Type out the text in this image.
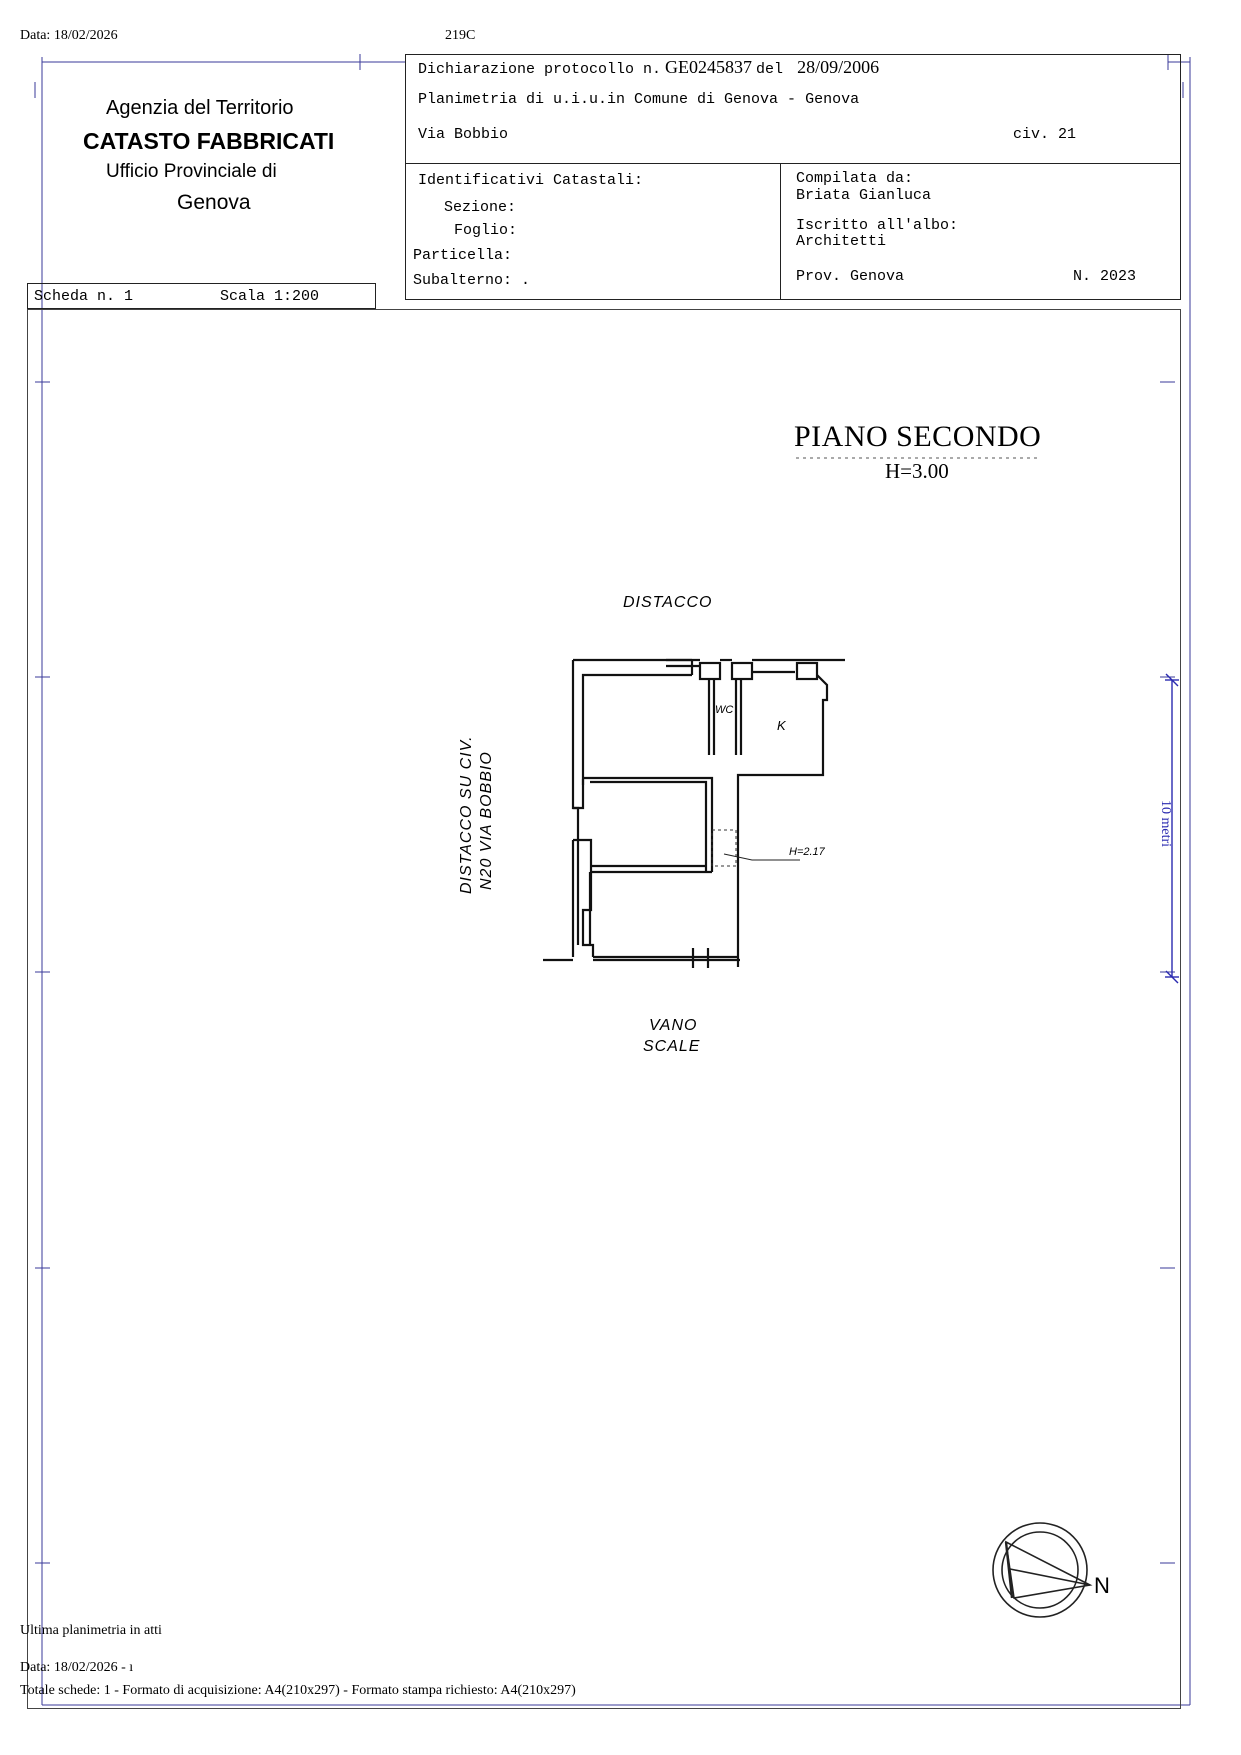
Data: 18/02/2026	219C
Agenzia del Territorio
CATASTO FABBRICATI
Ufficio Provinciale di
Genova
Dichiarazione protocollo n. GE0245837 del 28/09/2006
Planimetria di u.i.u.in Comune di Genova - Genova
Via Bobbio	civ. 21
Identificativi Catastali:
Sezione:
Foglio:
Particella:
Subalterno: .
Compilata da:
Briata Gianluca
Iscritto all'albo:
Architetti
Prov. Genova	N. 2023
Scheda n. 1	Scala 1:200
PIANO SECONDO
H=3.00
DISTACCO
DISTACCO SU CIV. N20 VIA BOBBIO
WC
K
H=2.17
VANO
SCALE
10 metri
N
Ultima planimetria in atti
Data: 18/02/2026 - ı
Totale schede: 1 - Formato di acquisizione: A4(210x297) - Formato stampa richiesto: A4(210x297)
